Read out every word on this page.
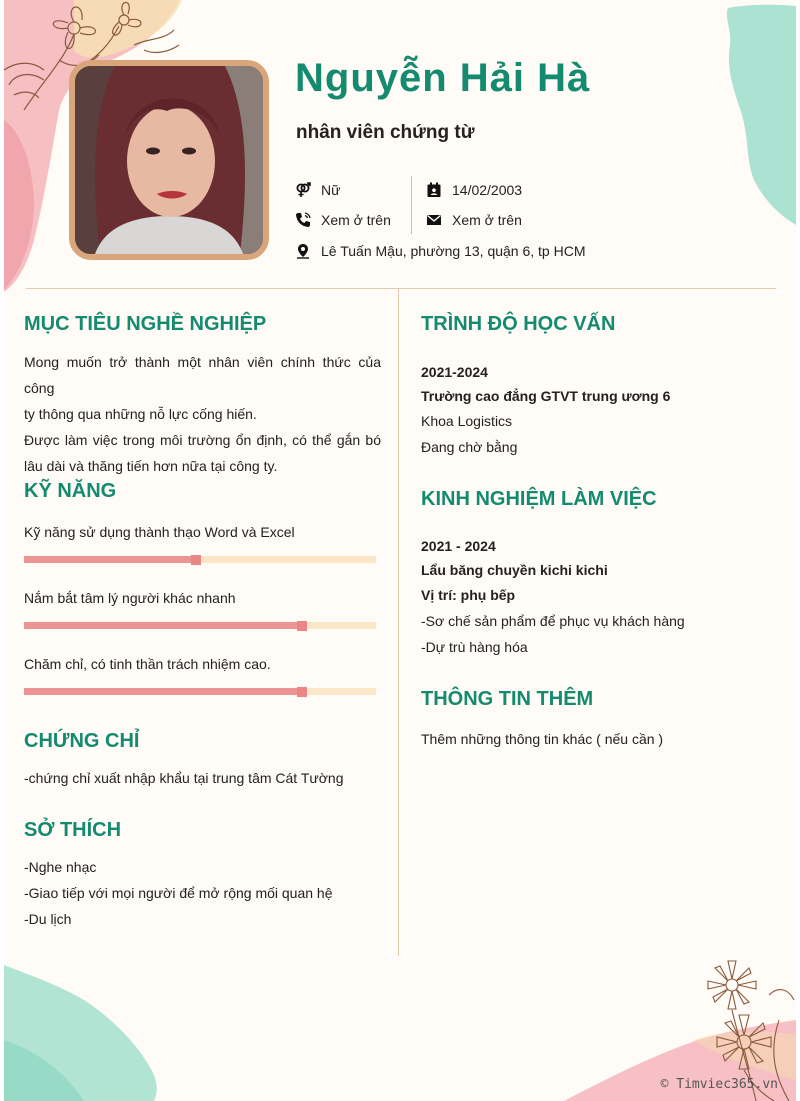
Nguyễn Hải Hà
nhân viên chứng từ
Nữ
Xem ở trên
14/02/2003
Xem ở trên
Lê Tuấn Mậu, phường 13, quận 6, tp HCM
MỤC TIÊU NGHỀ NGHIỆP
Mong muốn trở thành một nhân viên chính thức của công
ty thông qua những nỗ lực cống hiến.
Được làm việc trong môi trường ổn định, có thể gắn bó
lâu dài và thăng tiến hơn nữa tại công ty.
KỸ NĂNG
Kỹ năng sử dụng thành thạo Word và Excel
Nắm bắt tâm lý người khác nhanh
Chăm chỉ, có tinh thần trách nhiệm cao.
CHỨNG CHỈ
-chứng chỉ xuất nhập khẩu tại trung tâm Cát Tường
SỞ THÍCH
-Nghe nhạc
-Giao tiếp với mọi người để mở rộng mối quan hệ
-Du lịch
TRÌNH ĐỘ HỌC VẤN
2021-2024
Trường cao đẳng GTVT trung ương 6
Khoa Logistics
Đang chờ bằng
KINH NGHIỆM LÀM VIỆC
2021 - 2024
Lẩu băng chuyền kichi kichi
Vị trí: phụ bếp
-Sơ chế sản phẩm để phục vụ khách hàng
-Dự trù hàng hóa
THÔNG TIN THÊM
Thêm những thông tin khác ( nếu cần )
© Timviec365.vn
